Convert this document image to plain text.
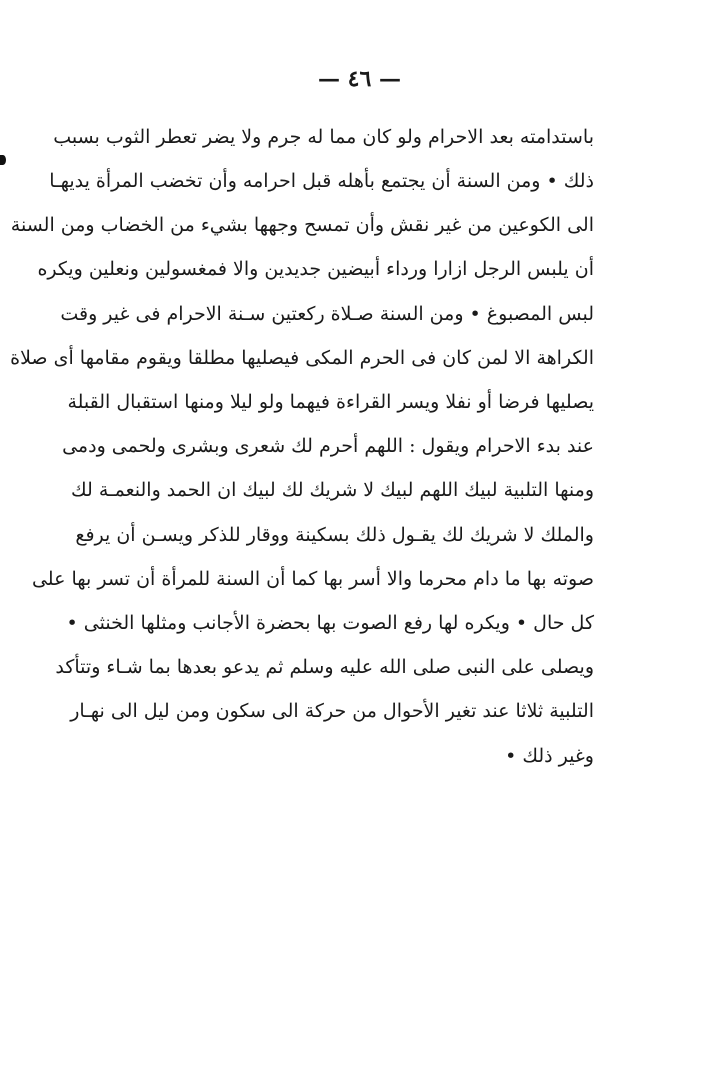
— ٤٦ —
باستدامته بعد الاحرام ولو كان مما له جرم ولا يضر تعطر الثوب بسبب
ذلك • ومن السنة أن يجتمع بأهله قبل احرامه وأن تخضب المرأة يديهـا
الى الكوعين من غير نقش وأن تمسح وجهها بشيء من الخضاب ومن السنة
أن يلبس الرجل ازارا ورداء أبيضين جديدين والا فمغسولين ونعلين ويكره
لبس المصبوغ • ومن السنة صـلاة ركعتين سـنة الاحرام فى غير وقت
الكراهة الا لمن كان فى الحرم المكى فيصليها مطلقا ويقوم مقامها أى صلاة
يصليها فرضا أو نفلا ويسر القراءة فيهما ولو ليلا ومنها استقبال القبلة
عند بدء الاحرام ويقول : اللهم أحرم لك شعرى وبشرى ولحمى ودمى
ومنها التلبية لبيك اللهم لبيك لا شريك لك لبيك ان الحمد والنعمـة لك
والملك لا شريك لك يقـول ذلك بسكينة ووقار للذكر ويسـن أن يرفع
صوته بها ما دام محرما والا أسر بها كما أن السنة للمرأة أن تسر بها على
كل حال • ويكره لها رفع الصوت بها بحضرة الأجانب ومثلها الخنثى •
ويصلى على النبى صلى الله عليه وسلم ثم يدعو بعدها بما شـاء وتتأكد
التلبية ثلاثا عند تغير الأحوال من حركة الى سكون ومن ليل الى نهـار
وغير ذلك •
